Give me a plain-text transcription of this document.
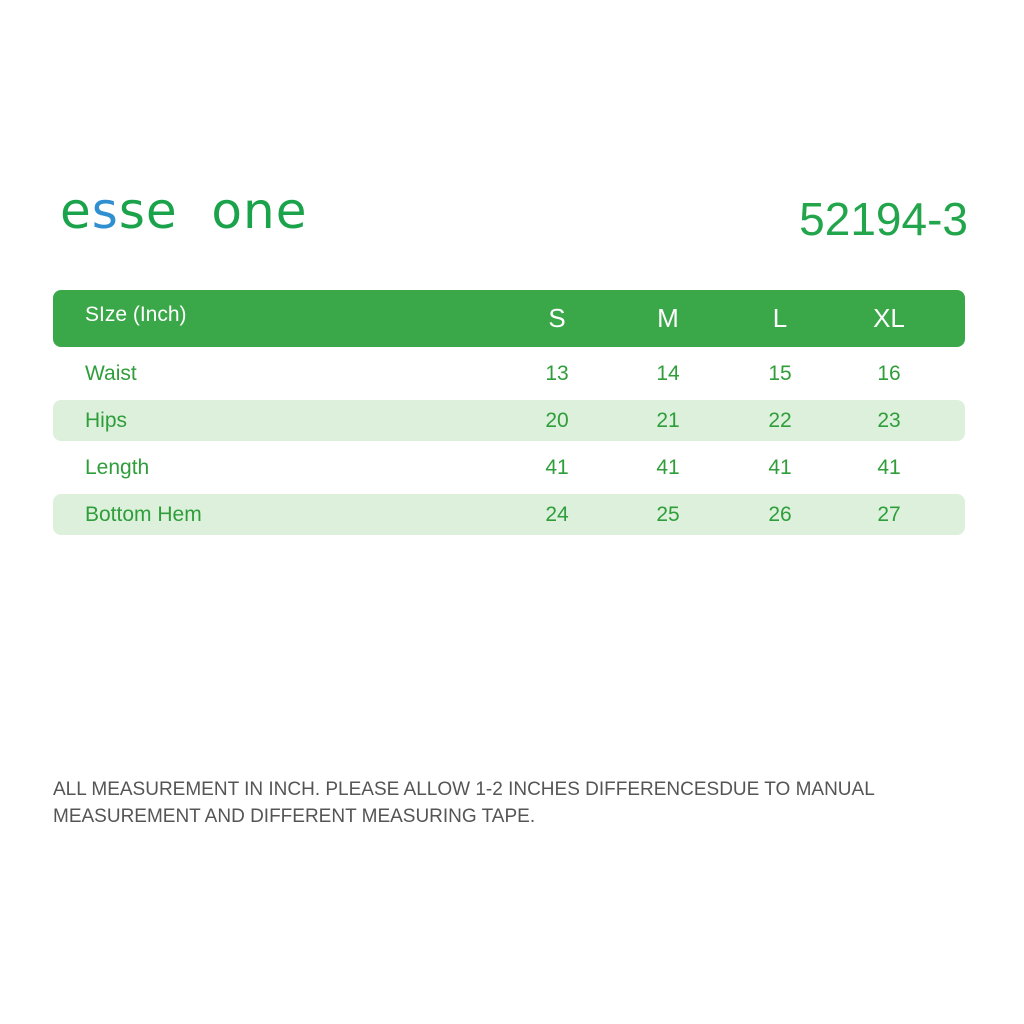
esse  one	52194-3
SIze (Inch)	S	M	L	XL
Waist	13	14	15	16
Hips	20	21	22	23
Length	41	41	41	41
Bottom Hem	24	25	26	27
ALL MEASUREMENT IN INCH. PLEASE ALLOW 1-2 INCHES DIFFERENCESDUE TO MANUAL
MEASUREMENT AND DIFFERENT MEASURING TAPE.
